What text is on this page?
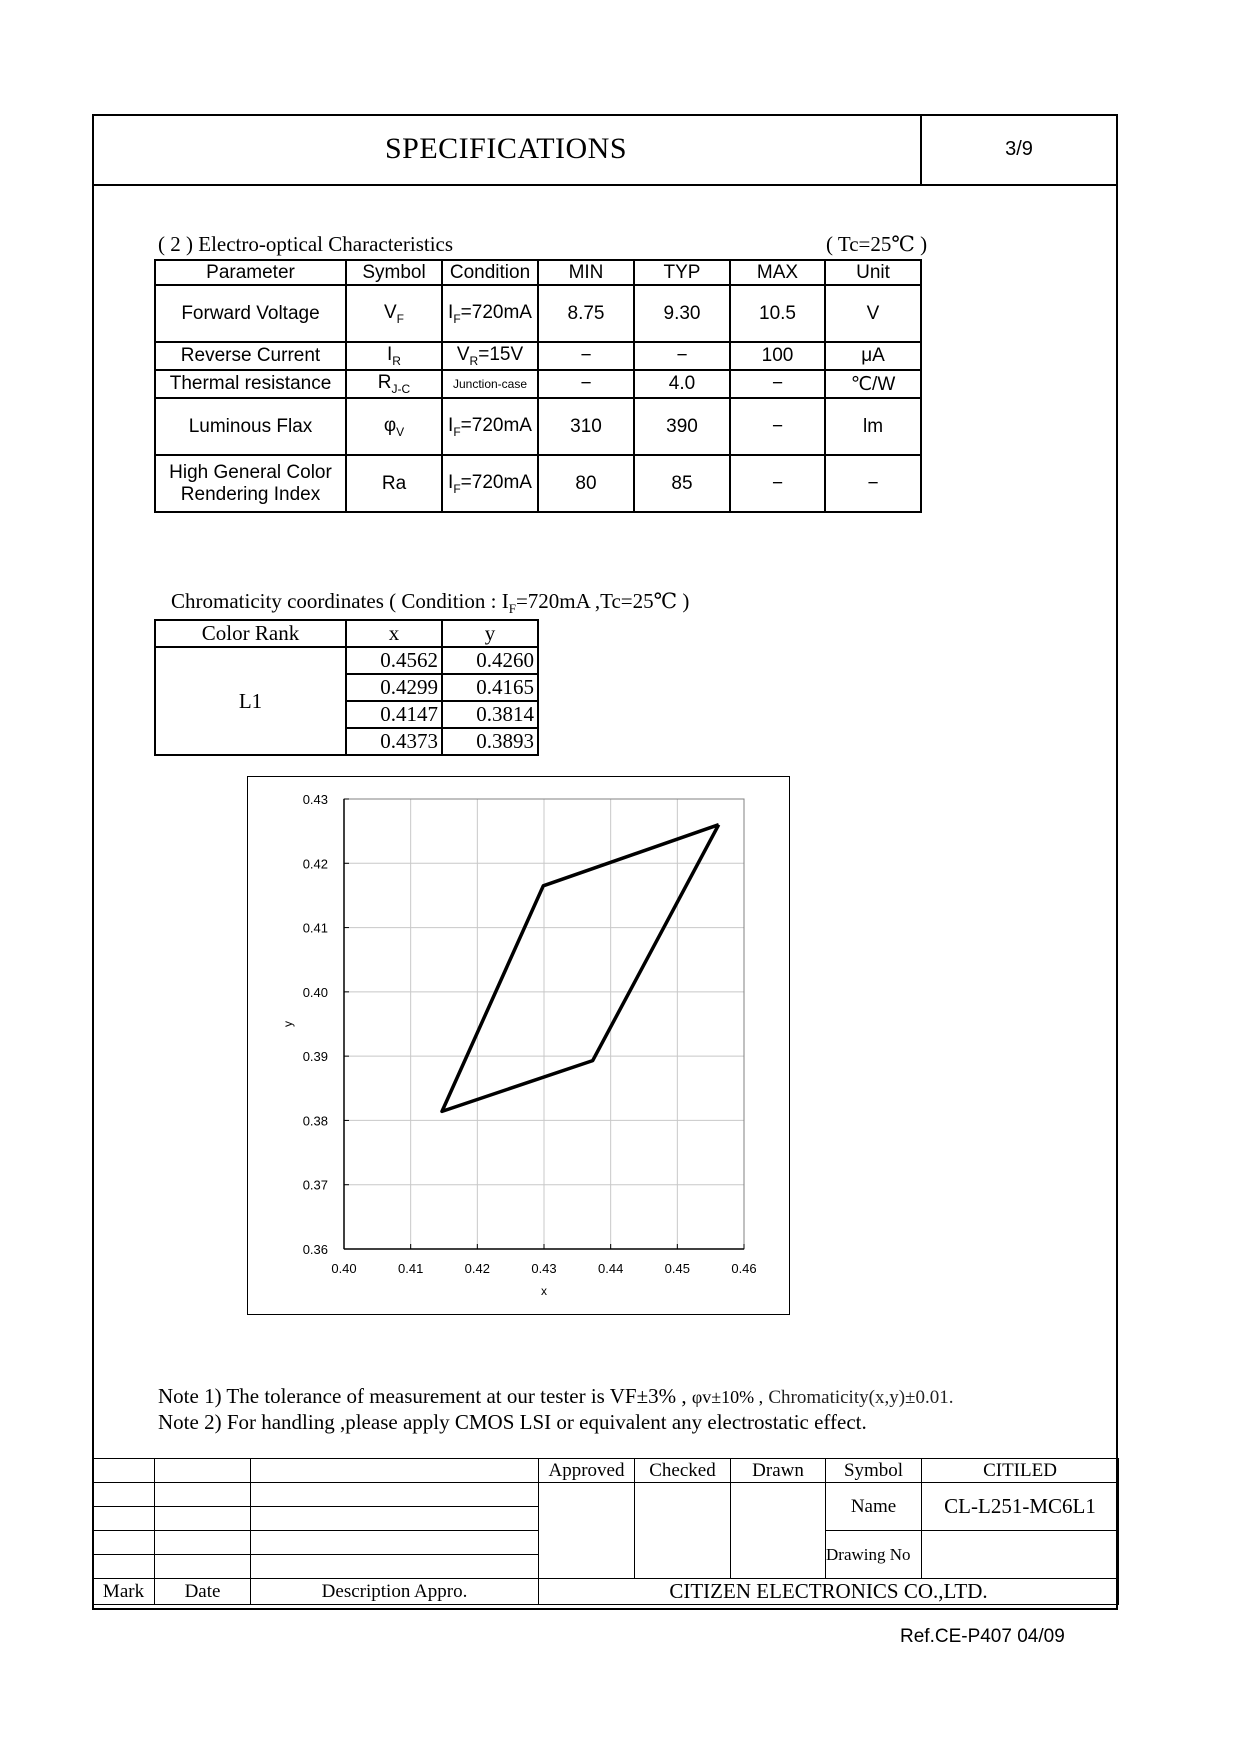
SPECIFICATIONS	3/9
( 2 ) Electro-optical Characteristics	( Tc=25℃ )
Parameter	Symbol	Condition	MIN	TYP	MAX	Unit
Forward Voltage	$V_F$	$I_F=720mA$	8.75	9.30	10.5	V
Reverse Current	$I_R$	$V_R=15V$	−	−	100	μA
Thermal resistance	$R_{J-C}$	Junction-case	−	4.0	−	℃/W
Luminous Flax	$\varphi_V$	$I_F=720mA$	310	390	−	lm

High General Color
Rendering Index	Ra	$I_F=720mA$	80	85	−	−
Chromaticity coordinates ( Condition : $I_F=720mA$ ,Tc=25℃ )
Color Rank	x	y
L1	0.4562	0.4260
	0.4299	0.4165
	0.4147	0.3814
	0.4373	0.3893
0.40	0.41	0.42	0.43	0.44	0.45	0.46
0.43
0.42
0.41
0.40
0.39
0.38
0.37
0.36
x
y
Note 1) The tolerance of measurement at our tester is VF±3% , φv±10% , Chromaticity(x,y)±0.01.
Note 2) For handling ,please apply CMOS LSI or equivalent any electrostatic effect.
			Approved	Checked	Drawn	Symbol	CITILED
						Name	CL-L251-MC6L1

						Drawing No	

Mark	Date	Description Appro.	CITIZEN ELECTRONICS CO.,LTD.				
Ref.CE-P407 04/09
